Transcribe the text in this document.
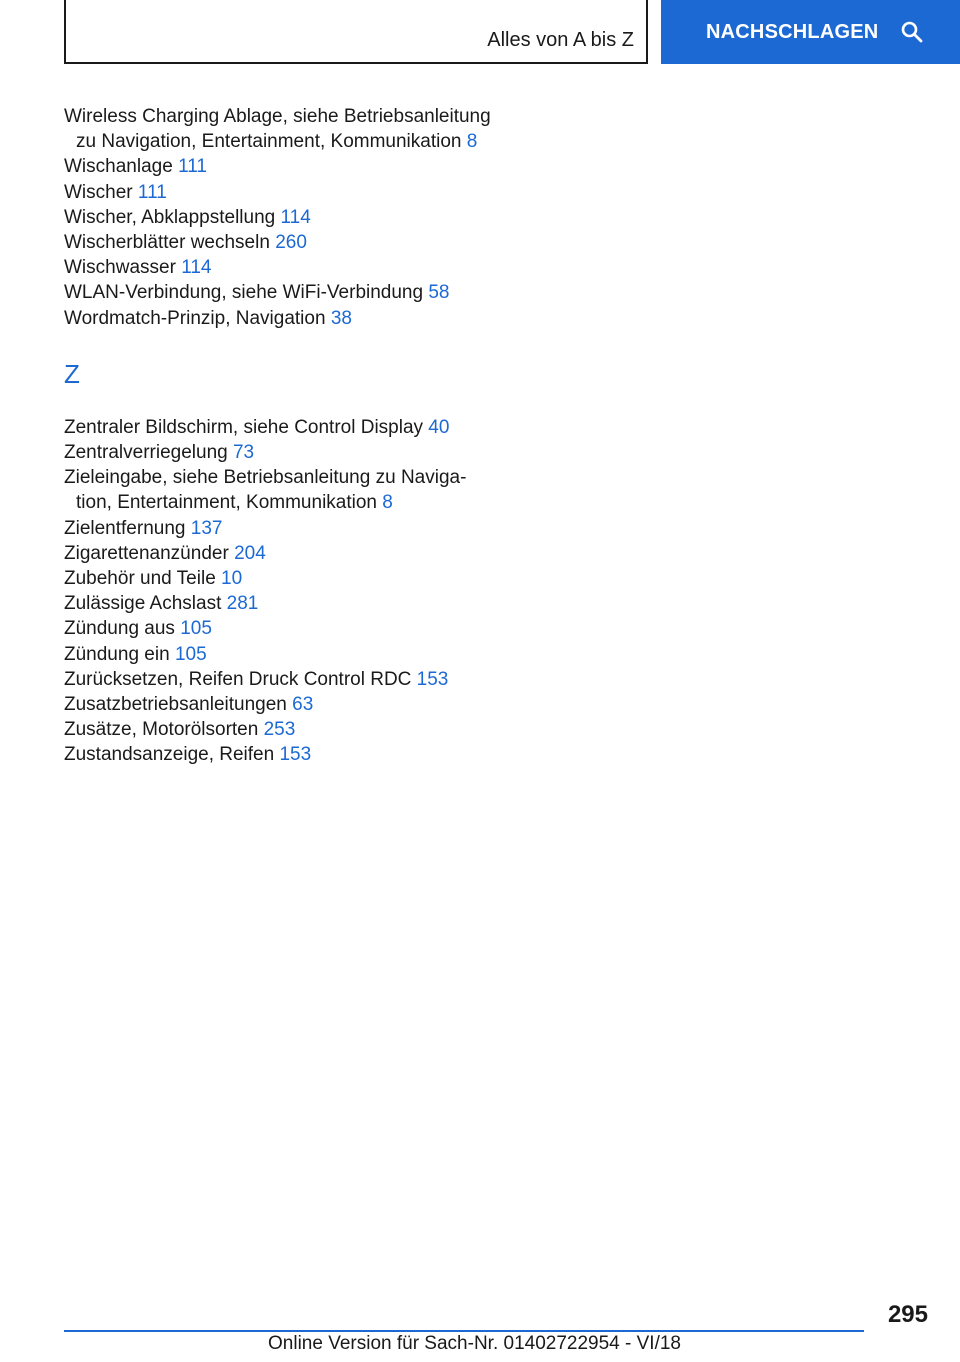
Alles von A bis Z	NACHSCHLAGEN

Wireless Charging Ablage, siehe Betriebsanleitung zu Navigation, Entertainment, Kommunikation 8

Wischanlage 111

Wischer 111

Wischer, Abklappstellung 114

Wischerblätter wechseln 260

Wischwasser 114

WLAN-Verbindung, siehe WiFi-Verbindung 58

Wordmatch-Prinzip, Navigation 38

Z

Zentraler Bildschirm, siehe Control Display 40

Zentralverriegelung 73

Zieleingabe, siehe Betriebsanleitung zu Navigation, Entertainment, Kommunikation 8

Zielentfernung 137

Zigarettenanzünder 204

Zubehör und Teile 10

Zulässige Achslast 281

Zündung aus 105

Zündung ein 105

Zurücksetzen, Reifen Druck Control RDC 153

Zusatzbetriebsanleitungen 63

Zusätze, Motorölsorten 253

Zustandsanzeige, Reifen 153

295
Online Version für Sach-Nr. 01402722954 - VI/18
